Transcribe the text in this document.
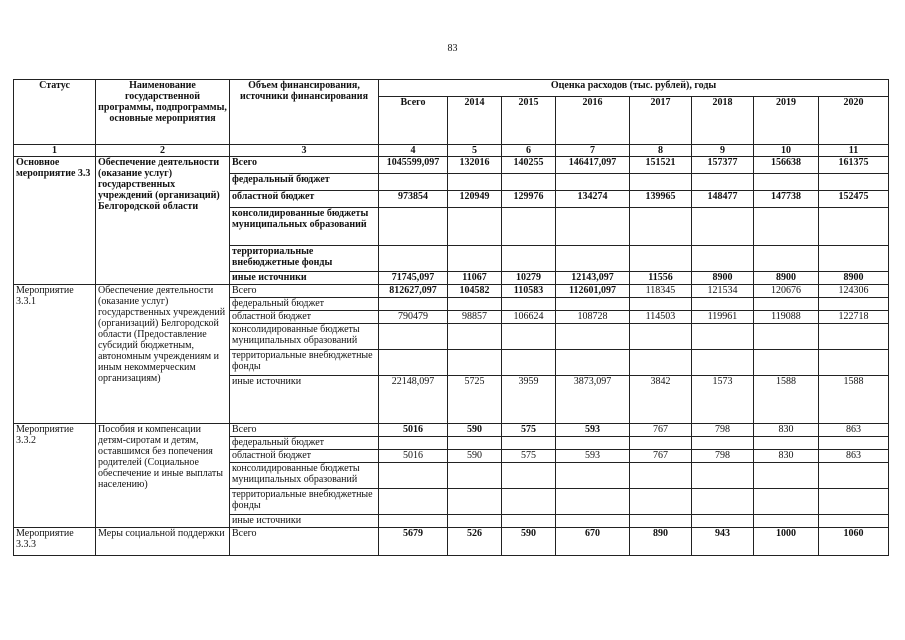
83
Статус	Наименование государственной программы, подпрограммы, основные мероприятия	Объем финансирования, источники финансирования	Оценка расходов (тыс. рублей), годы							
			Всего	2014	2015	2016	2017	2018	2019	2020
1	2	3	4	5	6	7	8	9	10	11
Основное мероприятие 3.3	Обеспечение деятельности (оказание услуг) государственных учреждений (организаций) Белгородской области	Всего	1045599,097	132016	140255	146417,097	151521	157377	156638	161375
		федеральный бюджет								
		областной бюджет	973854	120949	129976	134274	139965	148477	147738	152475
		консолидированные бюджеты муниципальных образований								
		территориальные внебюджетные фонды								
		иные источники	71745,097	11067	10279	12143,097	11556	8900	8900	8900
Мероприятие 3.3.1	Обеспечение деятельности (оказание услуг) государственных учреждений (организаций) Белгородской области (Предоставление субсидий бюджетным, автономным учреждениям и иным некоммерческим организациям)	Всего	812627,097	104582	110583	112601,097	118345	121534	120676	124306
		федеральный бюджет								
		областной бюджет	790479	98857	106624	108728	114503	119961	119088	122718
		консолидированные бюджеты муниципальных образований								
		территориальные внебюджетные фонды								
		иные источники	22148,097	5725	3959	3873,097	3842	1573	1588	1588
Мероприятие 3.3.2	Пособия и компенсации детям-сиротам и детям, оставшимся без попечения родителей (Социальное обеспечение и иные выплаты населению)	Всего	5016	590	575	593	767	798	830	863
		федеральный бюджет								
		областной бюджет	5016	590	575	593	767	798	830	863
		консолидированные бюджеты муниципальных образований								
		территориальные внебюджетные фонды								
		иные источники								
Мероприятие 3.3.3	Меры социальной поддержки	Всего	5679	526	590	670	890	943	1000	1060
